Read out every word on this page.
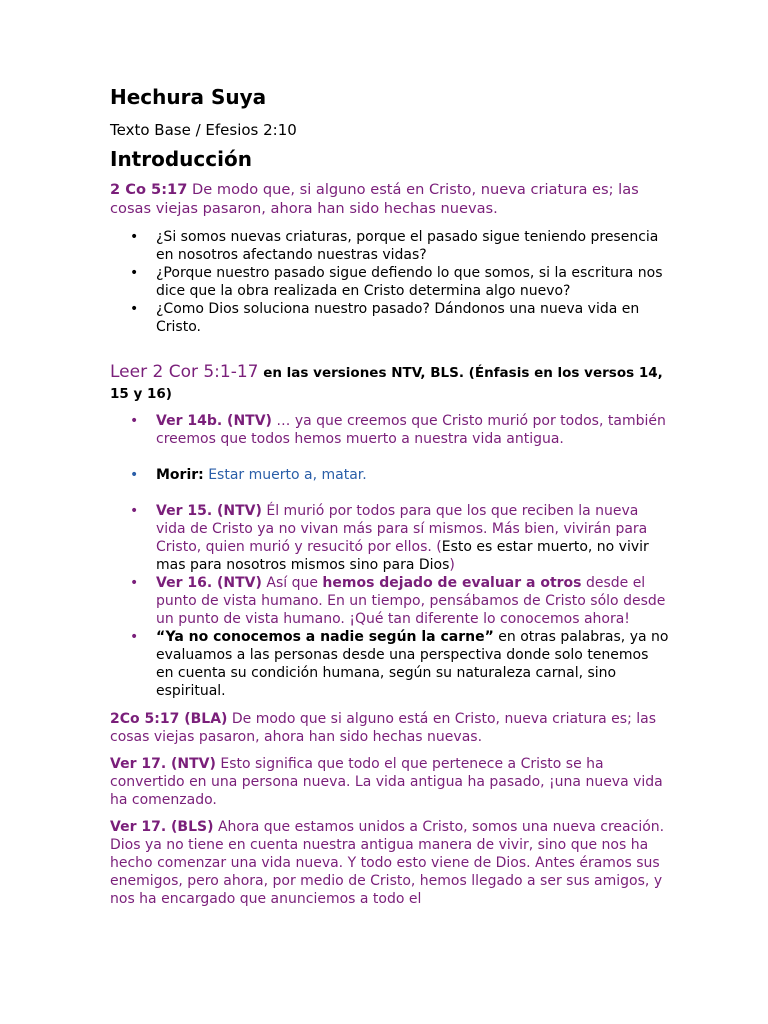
Hechura Suya

Texto Base / Efesios 2:10

Introducción

2 Co 5:17 De modo que, si alguno está en Cristo, nueva criatura es; las cosas viejas pasaron, ahora han sido hechas nuevas.

• ¿Si somos nuevas criaturas, porque el pasado sigue teniendo presencia en nosotros afectando nuestras vidas?
• ¿Porque nuestro pasado sigue defiendo lo que somos, si la escritura nos dice que la obra realizada en Cristo determina algo nuevo?
• ¿Como Dios soluciona nuestro pasado? Dándonos una nueva vida en Cristo.

Leer 2 Cor 5:1-17 en las versiones NTV, BLS. (Énfasis en los versos 14, 15 y 16)

• Ver 14b. (NTV) … ya que creemos que Cristo murió por todos, también creemos que todos hemos muerto a nuestra vida antigua.
• Morir: Estar muerto a, matar.
• Ver 15. (NTV) Él murió por todos para que los que reciben la nueva vida de Cristo ya no vivan más para sí mismos. Más bien, vivirán para Cristo, quien murió y resucitó por ellos. (Esto es estar muerto, no vivir mas para nosotros mismos sino para Dios)
• Ver 16. (NTV) Así que hemos dejado de evaluar a otros desde el punto de vista humano. En un tiempo, pensábamos de Cristo sólo desde un punto de vista humano. ¡Qué tan diferente lo conocemos ahora!
• “Ya no conocemos a nadie según la carne” en otras palabras, ya no evaluamos a las personas desde una perspectiva donde solo tenemos en cuenta su condición humana, según su naturaleza carnal, sino espiritual.

2Co 5:17 (BLA) De modo que si alguno está en Cristo, nueva criatura es; las cosas viejas pasaron, ahora han sido hechas nuevas.

Ver 17. (NTV) Esto significa que todo el que pertenece a Cristo se ha convertido en una persona nueva. La vida antigua ha pasado, ¡una nueva vida ha comenzado.

Ver 17. (BLS) Ahora que estamos unidos a Cristo, somos una nueva creación. Dios ya no tiene en cuenta nuestra antigua manera de vivir, sino que nos ha hecho comenzar una vida nueva. Y todo esto viene de Dios. Antes éramos sus enemigos, pero ahora, por medio de Cristo, hemos llegado a ser sus amigos, y nos ha encargado que anunciemos a todo el
